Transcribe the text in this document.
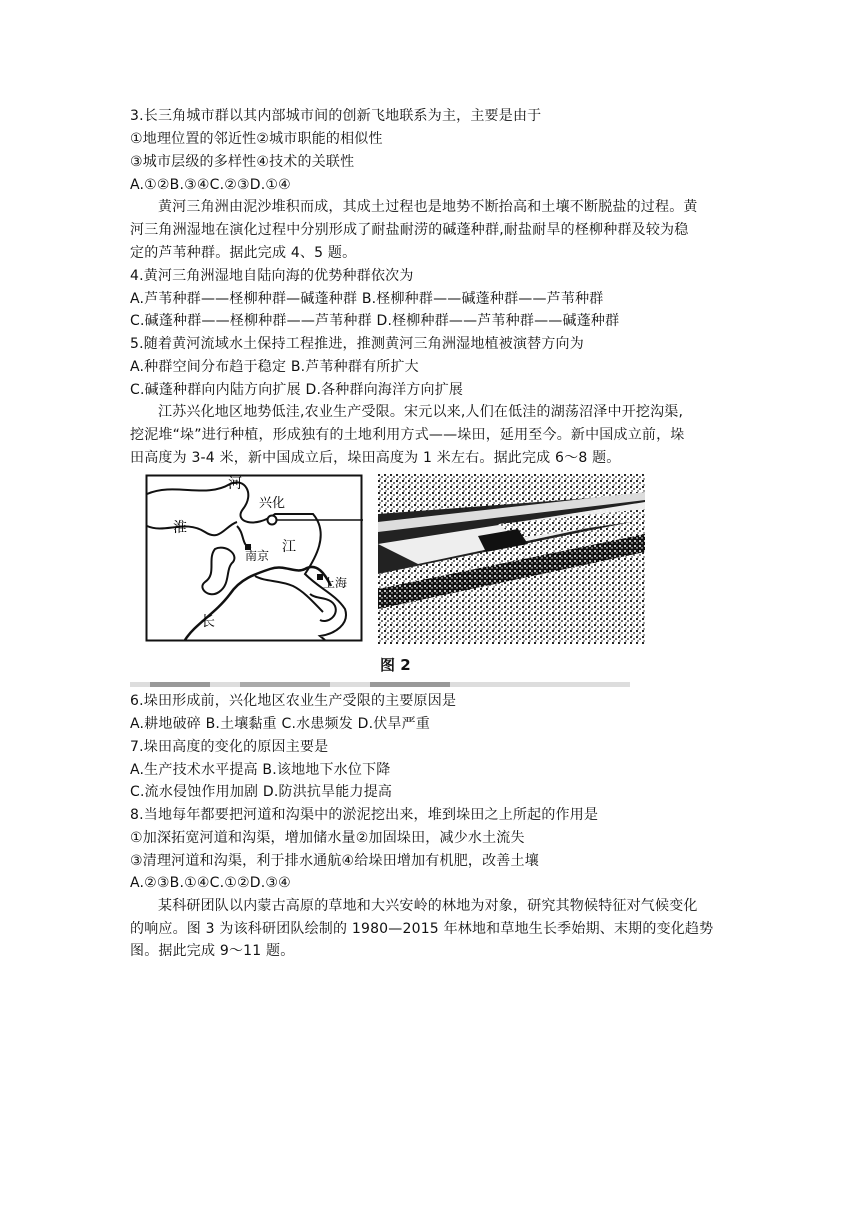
3.长三角城市群以其内部城市间的创新飞地联系为主，主要是由于
①地理位置的邻近性②城市职能的相似性
③城市层级的多样性④技术的关联性
A.①②B.③④C.②③D.①④
黄河三角洲由泥沙堆积而成，其成土过程也是地势不断抬高和土壤不断脱盐的过程。黄
河三角洲湿地在演化过程中分别形成了耐盐耐涝的碱蓬种群,耐盐耐旱的柽柳种群及较为稳
定的芦苇种群。据此完成 4、5 题。
4.黄河三角洲湿地自陆向海的优势种群依次为
A.芦苇种群——柽柳种群—碱蓬种群 B.柽柳种群——碱蓬种群——芦苇种群
C.碱蓬种群——柽柳种群——芦苇种群 D.柽柳种群——芦苇种群——碱蓬种群
5.随着黄河流域水土保持工程推进，推测黄河三角洲湿地植被演替方向为
A.种群空间分布趋于稳定 B.芦苇种群有所扩大
C.碱蓬种群向内陆方向扩展 D.各种群向海洋方向扩展
江苏兴化地区地势低洼,农业生产受限。宋元以来,人们在低洼的湖荡沼泽中开挖沟渠,
挖泥堆“垛”进行种植，形成独有的土地利用方式——垛田，延用至今。新中国成立前，垛
田高度为 3-4 米，新中国成立后，垛田高度为 1 米左右。据此完成 6～8 题。
河
兴化
淮
南京
江
上海
长
图 2
6.垛田形成前，兴化地区农业生产受限的主要原因是
A.耕地破碎 B.土壤黏重 C.水患频发 D.伏旱严重
7.垛田高度的变化的原因主要是
A.生产技术水平提高 B.该地地下水位下降
C.流水侵蚀作用加剧 D.防洪抗旱能力提高
8.当地每年都要把河道和沟渠中的淤泥挖出来，堆到垛田之上所起的作用是
①加深拓宽河道和沟渠，增加储水量②加固垛田，减少水土流失
③清理河道和沟渠，利于排水通航④给垛田增加有机肥，改善土壤
A.②③B.①④C.①②D.③④
某科研团队以内蒙古高原的草地和大兴安岭的林地为对象，研究其物候特征对气候变化
的响应。图 3 为该科研团队绘制的 1980—2015 年林地和草地生长季始期、末期的变化趋势
图。据此完成 9～11 题。
